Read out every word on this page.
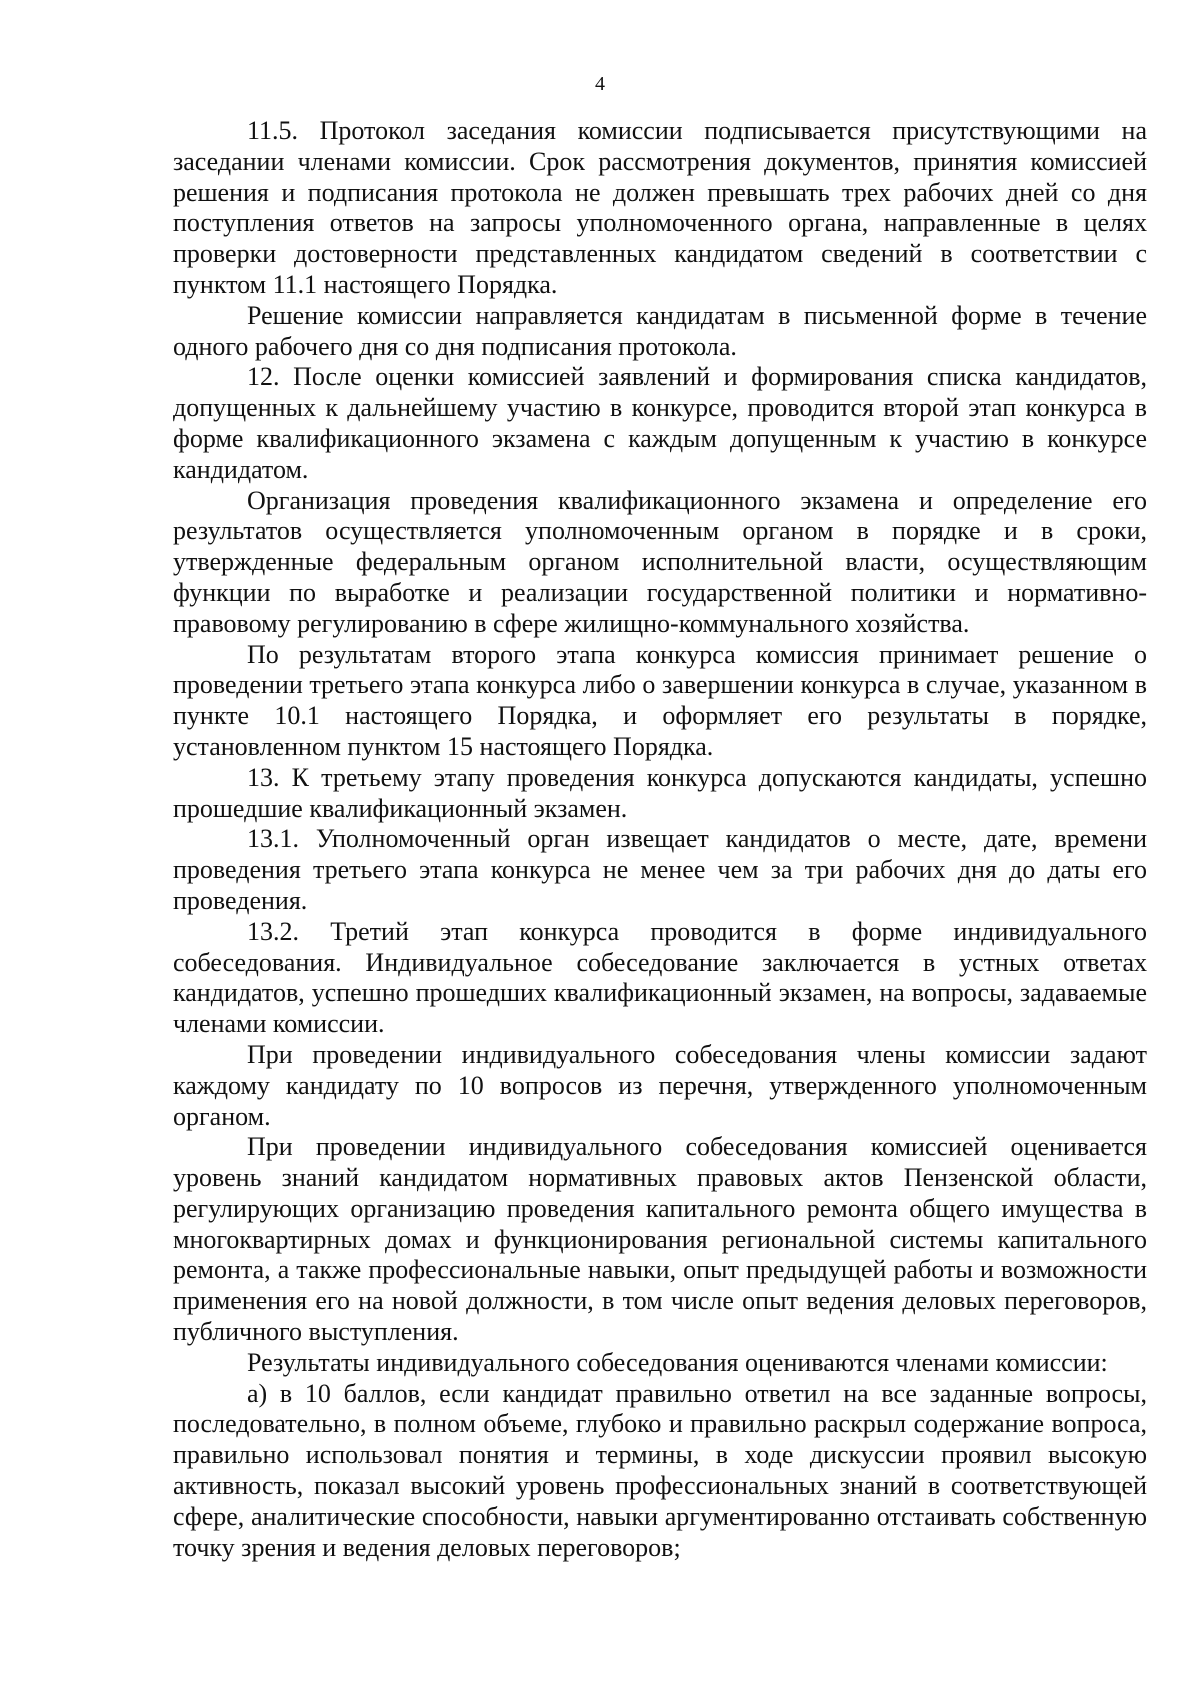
4

11.5. Протокол заседания комиссии подписывается присутствующими на заседании членами комиссии. Срок рассмотрения документов, принятия комиссией решения и подписания протокола не должен превышать трех рабочих дней со дня поступления ответов на запросы уполномоченного органа, направленные в целях проверки достоверности представленных кандидатом сведений в соответствии с пунктом 11.1 настоящего Порядка.

Решение комиссии направляется кандидатам в письменной форме в течение одного рабочего дня со дня подписания протокола.

12. После оценки комиссией заявлений и формирования списка кандидатов, допущенных к дальнейшему участию в конкурсе, проводится второй этап конкурса в форме квалификационного экзамена с каждым допущенным к участию в конкурсе кандидатом.

Организация проведения квалификационного экзамена и определение его результатов осуществляется уполномоченным органом в порядке и в сроки, утвержденные федеральным органом исполнительной власти, осуществляющим функции по выработке и реализации государственной политики и нормативно-правовому регулированию в сфере жилищно-коммунального хозяйства.

По результатам второго этапа конкурса комиссия принимает решение о проведении третьего этапа конкурса либо о завершении конкурса в случае, указанном в пункте 10.1 настоящего Порядка, и оформляет его результаты в порядке, установленном пунктом 15 настоящего Порядка.

13. К третьему этапу проведения конкурса допускаются кандидаты, успешно прошедшие квалификационный экзамен.

13.1. Уполномоченный орган извещает кандидатов о месте, дате, времени проведения третьего этапа конкурса не менее чем за три рабочих дня до даты его проведения.

13.2. Третий этап конкурса проводится в форме индивидуального собеседования. Индивидуальное собеседование заключается в устных ответах кандидатов, успешно прошедших квалификационный экзамен, на вопросы, задаваемые членами комиссии.

При проведении индивидуального собеседования члены комиссии задают каждому кандидату по 10 вопросов из перечня, утвержденного уполномоченным органом.

При проведении индивидуального собеседования комиссией оценивается уровень знаний кандидатом нормативных правовых актов Пензенской области, регулирующих организацию проведения капитального ремонта общего имущества в многоквартирных домах и функционирования региональной системы капитального ремонта, а также профессиональные навыки, опыт предыдущей работы и возможности применения его на новой должности, в том числе опыт ведения деловых переговоров, публичного выступления.

Результаты индивидуального собеседования оцениваются членами комиссии:

а) в 10 баллов, если кандидат правильно ответил на все заданные вопросы, последовательно, в полном объеме, глубоко и правильно раскрыл содержание вопроса, правильно использовал понятия и термины, в ходе дискуссии проявил высокую активность, показал высокий уровень профессиональных знаний в соответствующей сфере, аналитические способности, навыки аргументированно отстаивать собственную точку зрения и ведения деловых переговоров;
